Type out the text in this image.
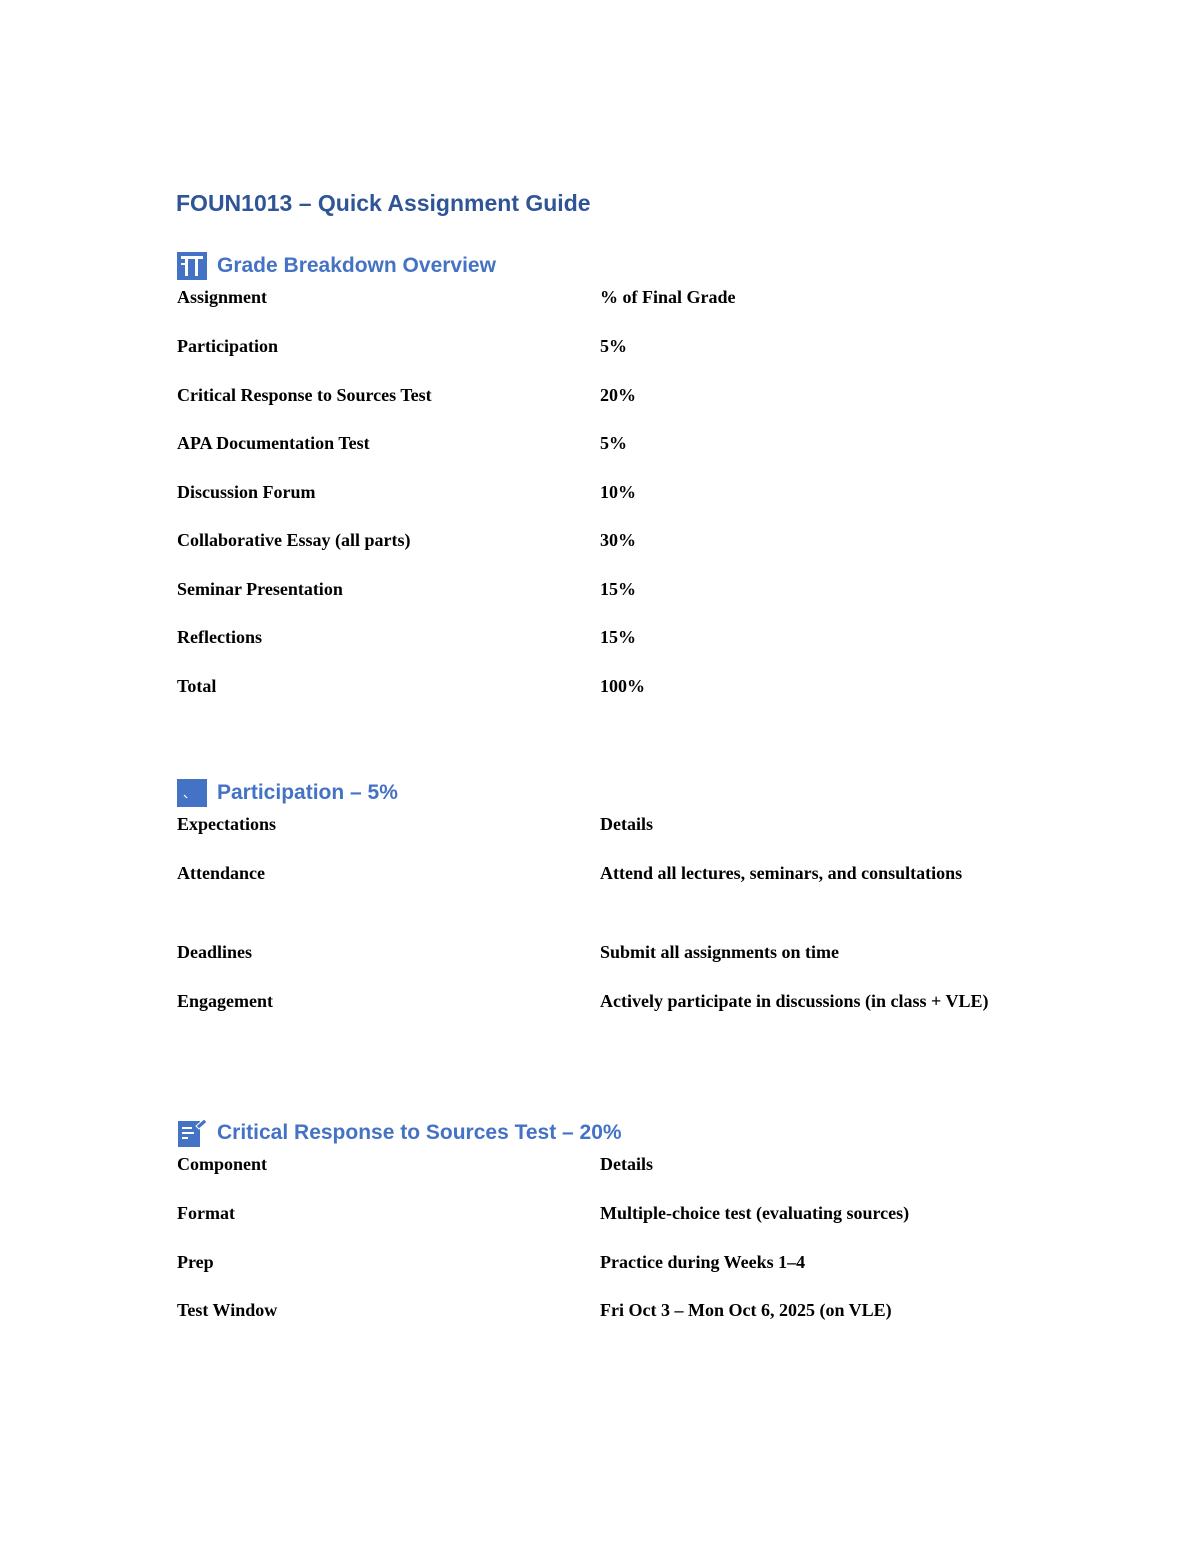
FOUN1013 – Quick Assignment Guide
Grade Breakdown Overview
Assignment	% of Final Grade
Participation	5%
Critical Response to Sources Test	20%
APA Documentation Test	5%
Discussion Forum	10%
Collaborative Essay (all parts)	30%
Seminar Presentation	15%
Reflections	15%
Total	100%
Participation – 5%
Expectations	Details
Attendance	Attend all lectures, seminars, and consultations
Deadlines	Submit all assignments on time
Engagement	Actively participate in discussions (in class + VLE)
Critical Response to Sources Test – 20%
Component	Details
Format	Multiple-choice test (evaluating sources)
Prep	Practice during Weeks 1–4
Test Window	Fri Oct 3 – Mon Oct 6, 2025 (on VLE)
